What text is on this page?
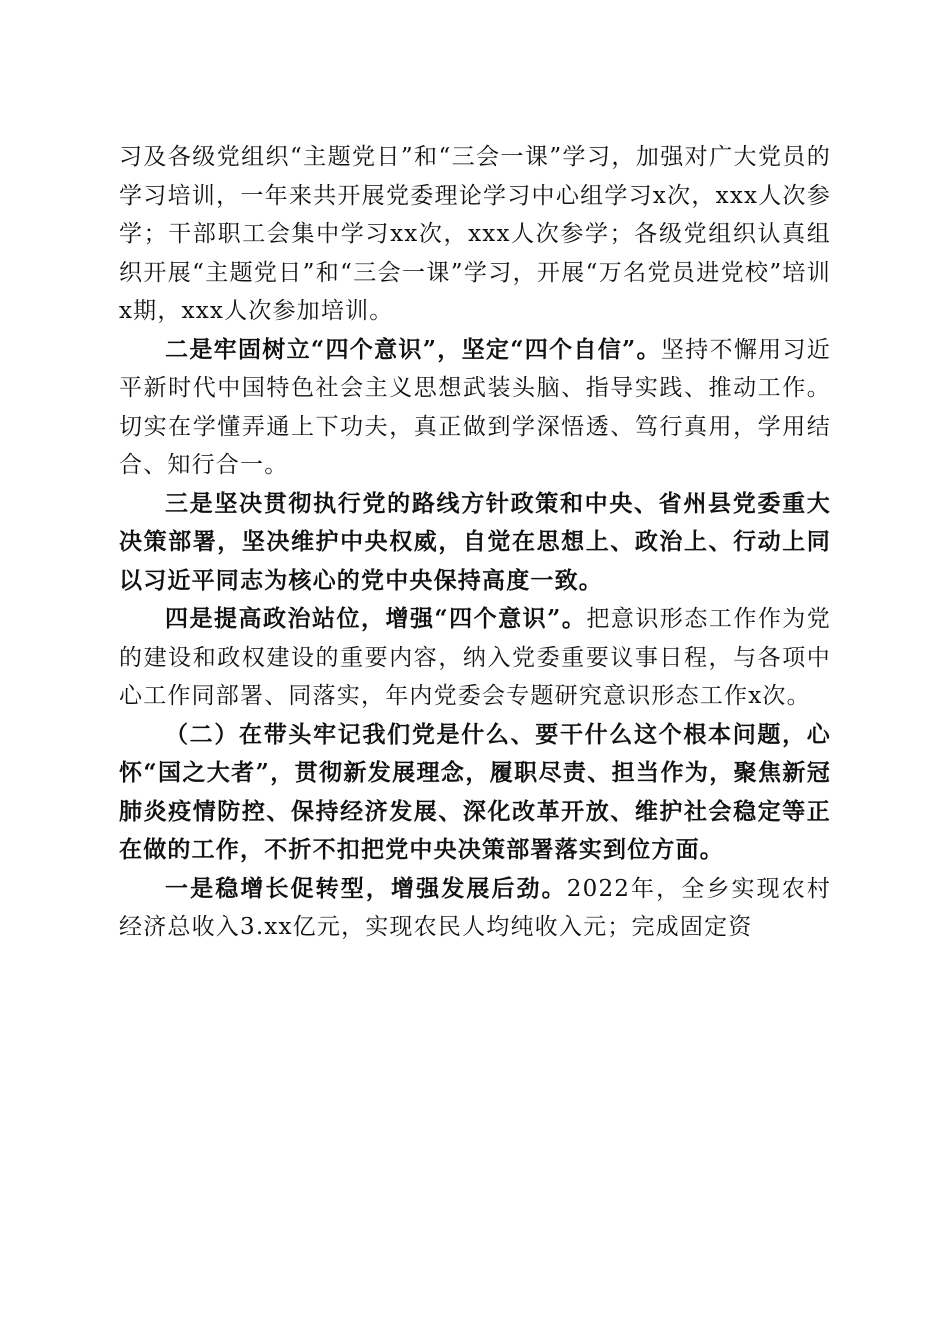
习及各级党组织“主题党日”和“三会一课”学习，加强对广大党员的学习培训，一年来共开展党委理论学习中心组学习x次，xxx人次参学；干部职工会集中学习xx次，xxx人次参学；各级党组织认真组织开展“主题党日”和“三会一课”学习，开展“万名党员进党校”培训x期，xxx人次参加培训。

二是牢固树立“四个意识”，坚定“四个自信”。坚持不懈用习近平新时代中国特色社会主义思想武装头脑、指导实践、推动工作。切实在学懂弄通上下功夫，真正做到学深悟透、笃行真用，学用结合、知行合一。

三是坚决贯彻执行党的路线方针政策和中央、省州县党委重大决策部署，坚决维护中央权威，自觉在思想上、政治上、行动上同以习近平同志为核心的党中央保持高度一致。

四是提高政治站位，增强“四个意识”。把意识形态工作作为党的建设和政权建设的重要内容，纳入党委重要议事日程，与各项中心工作同部署、同落实，年内党委会专题研究意识形态工作x次。

（二）在带头牢记我们党是什么、要干什么这个根本问题，心怀“国之大者”，贯彻新发展理念，履职尽责、担当作为，聚焦新冠肺炎疫情防控、保持经济发展、深化改革开放、维护社会稳定等正在做的工作，不折不扣把党中央决策部署落实到位方面。

一是稳增长促转型，增强发展后劲。2022年，全乡实现农村经济总收入3.xx亿元，实现农民人均纯收入元；完成固定资
